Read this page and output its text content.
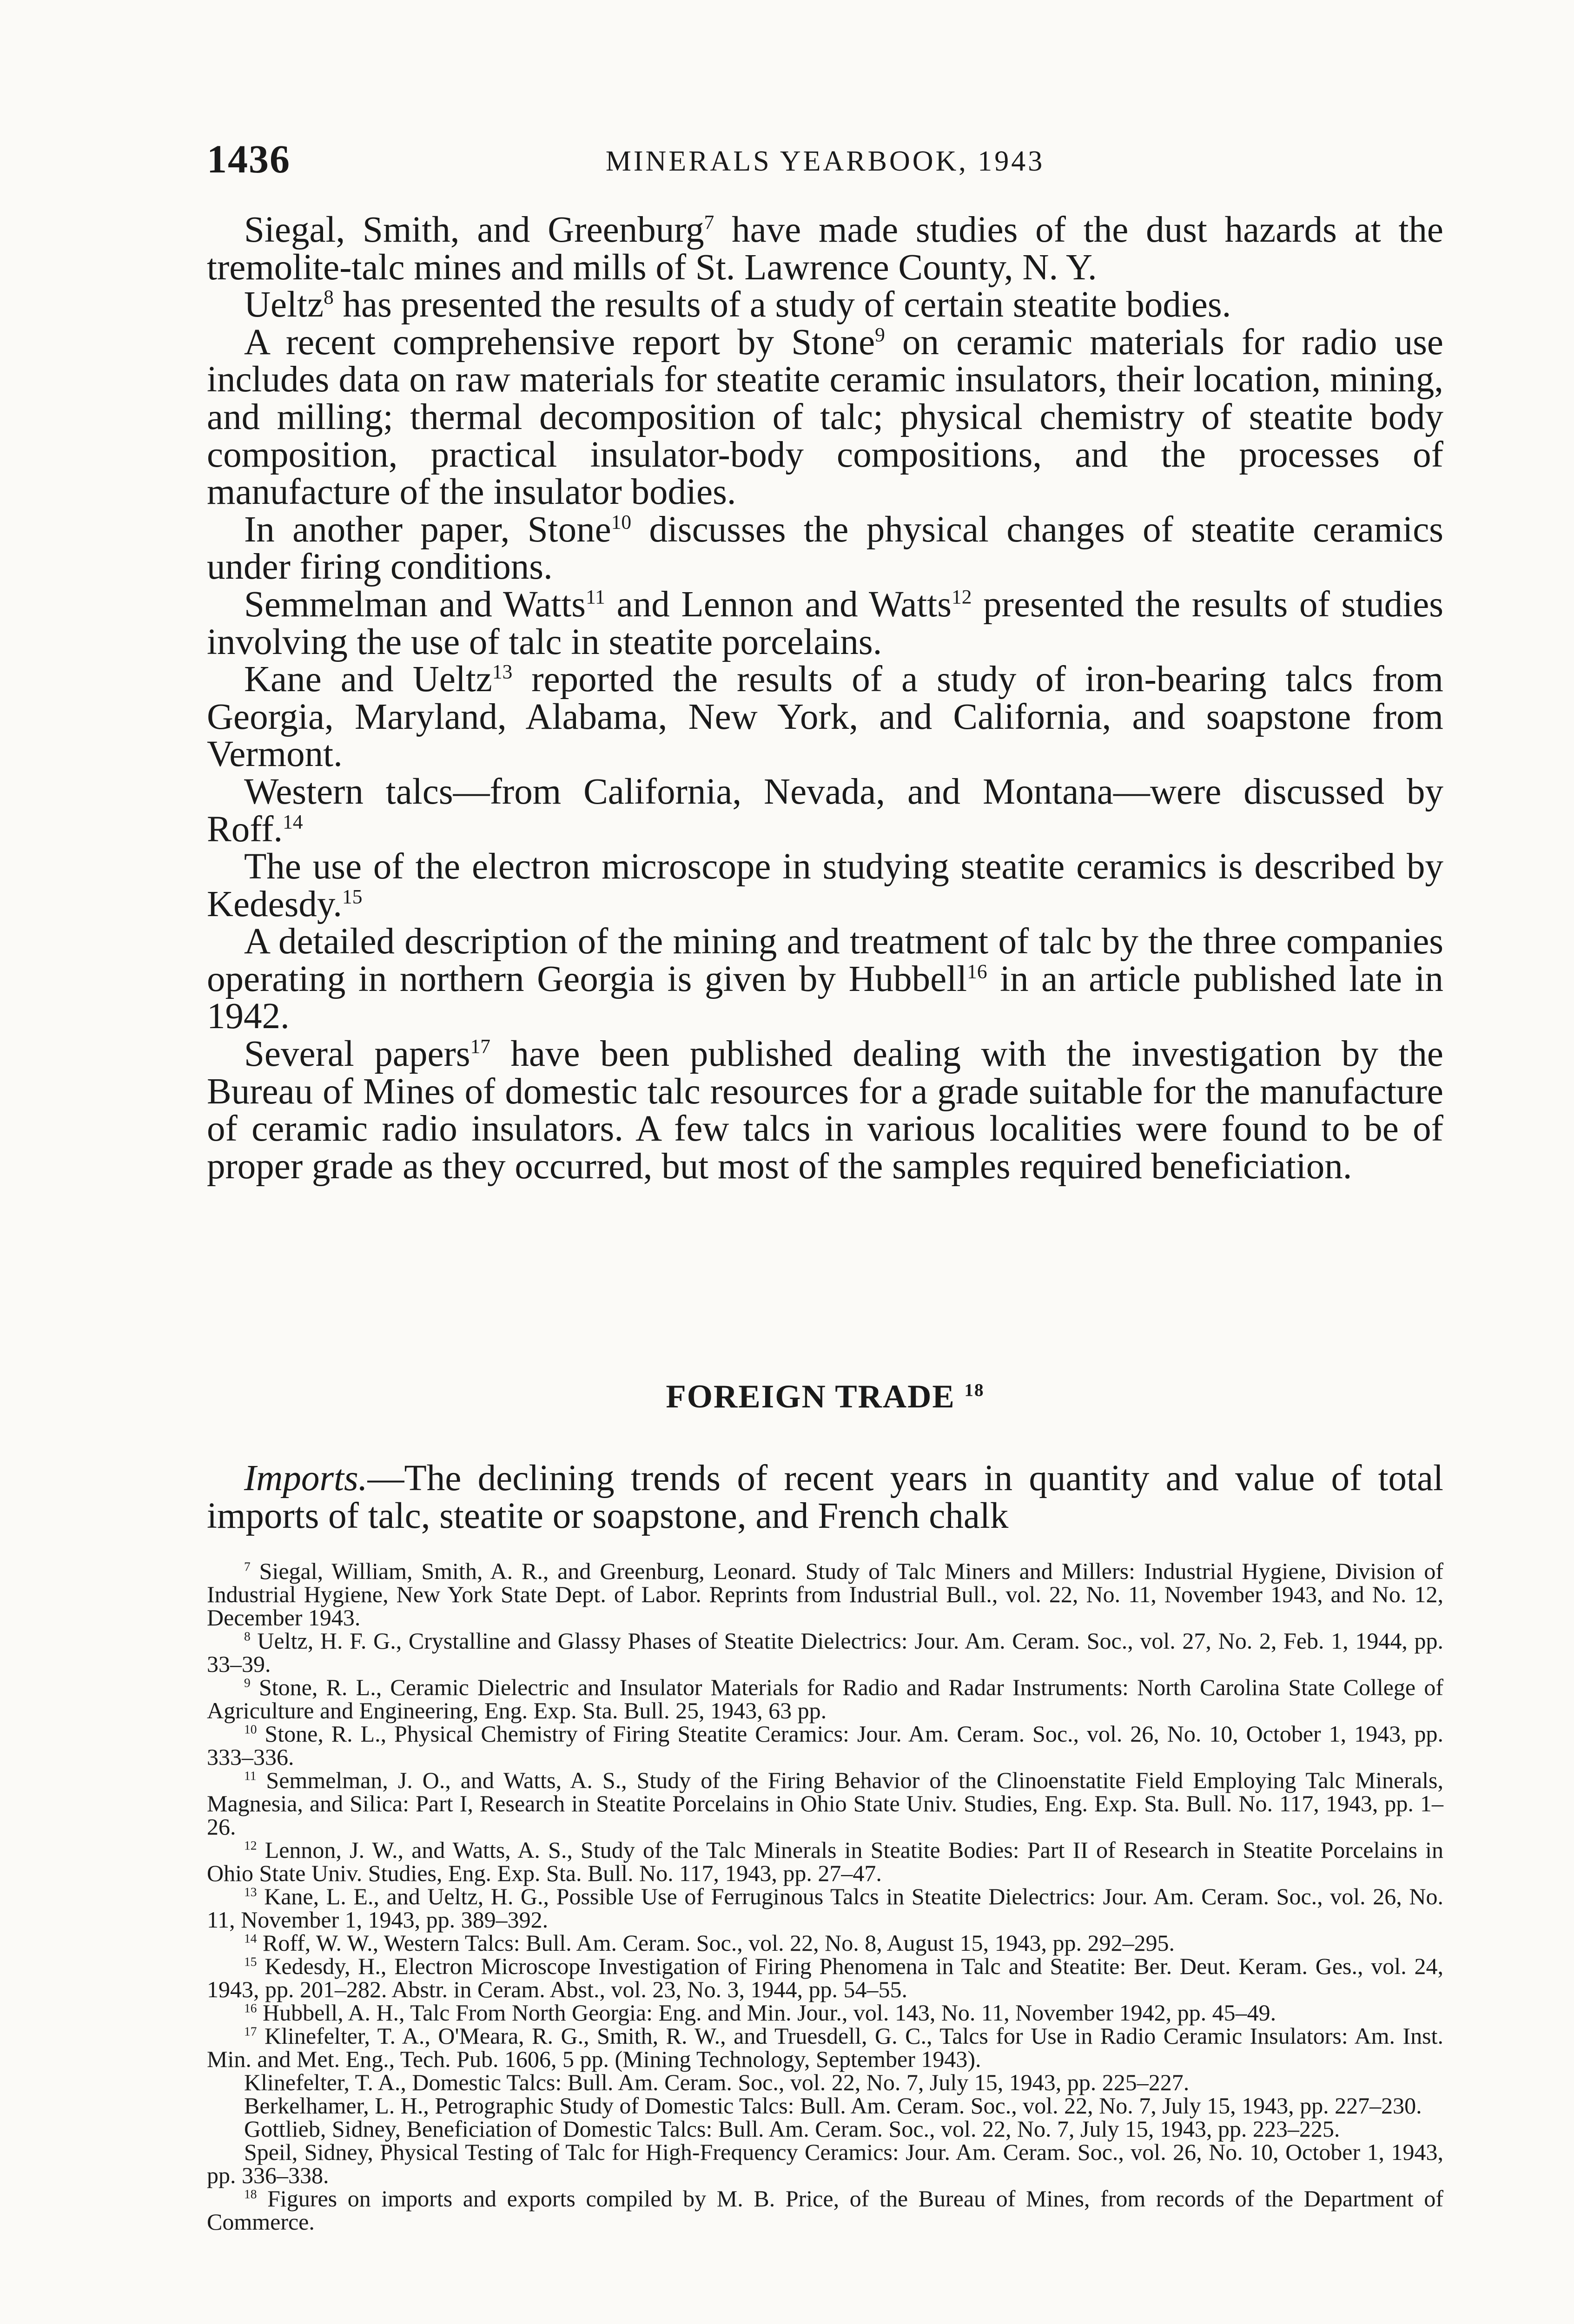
1436	MINERALS YEARBOOK, 1943

Siegal, Smith, and Greenburg$^7$ have made studies of the dust hazards at the tremolite-talc mines and mills of St. Lawrence County, N. Y.

Ueltz$^8$ has presented the results of a study of certain steatite bodies.

A recent comprehensive report by Stone$^9$ on ceramic materials for radio use includes data on raw materials for steatite ceramic insulators, their location, mining, and milling; thermal decomposition of talc; physical chemistry of steatite body composition, practical insulator-body compositions, and the processes of manufacture of the insulator bodies.

In another paper, Stone$^{10}$ discusses the physical changes of steatite ceramics under firing conditions.

Semmelman and Watts$^{11}$ and Lennon and Watts$^{12}$ presented the results of studies involving the use of talc in steatite porcelains.

Kane and Ueltz$^{13}$ reported the results of a study of iron-bearing talcs from Georgia, Maryland, Alabama, New York, and California, and soapstone from Vermont.

Western talcs—from California, Nevada, and Montana—were discussed by Roff.$^{14}$

The use of the electron microscope in studying steatite ceramics is described by Kedesdy.$^{15}$

A detailed description of the mining and treatment of talc by the three companies operating in northern Georgia is given by Hubbell$^{16}$ in an article published late in 1942.

Several papers$^{17}$ have been published dealing with the investigation by the Bureau of Mines of domestic talc resources for a grade suitable for the manufacture of ceramic radio insulators. A few talcs in various localities were found to be of proper grade as they occurred, but most of the samples required beneficiation.

FOREIGN TRADE $^{18}$

Imports.—The declining trends of recent years in quantity and value of total imports of talc, steatite or soapstone, and French chalk

$^7$ Siegal, William, Smith, A. R., and Greenburg, Leonard. Study of Talc Miners and Millers: Industrial Hygiene, Division of Industrial Hygiene, New York State Dept. of Labor. Reprints from Industrial Bull., vol. 22, No. 11, November 1943, and No. 12, December 1943.

$^8$ Ueltz, H. F. G., Crystalline and Glassy Phases of Steatite Dielectrics: Jour. Am. Ceram. Soc., vol. 27, No. 2, Feb. 1, 1944, pp. 33–39.

$^9$ Stone, R. L., Ceramic Dielectric and Insulator Materials for Radio and Radar Instruments: North Carolina State College of Agriculture and Engineering, Eng. Exp. Sta. Bull. 25, 1943, 63 pp.

$^{10}$ Stone, R. L., Physical Chemistry of Firing Steatite Ceramics: Jour. Am. Ceram. Soc., vol. 26, No. 10, October 1, 1943, pp. 333–336.

$^{11}$ Semmelman, J. O., and Watts, A. S., Study of the Firing Behavior of the Clinoenstatite Field Employing Talc Minerals, Magnesia, and Silica: Part I, Research in Steatite Porcelains in Ohio State Univ. Studies, Eng. Exp. Sta. Bull. No. 117, 1943, pp. 1–26.

$^{12}$ Lennon, J. W., and Watts, A. S., Study of the Talc Minerals in Steatite Bodies: Part II of Research in Steatite Porcelains in Ohio State Univ. Studies, Eng. Exp. Sta. Bull. No. 117, 1943, pp. 27–47.

$^{13}$ Kane, L. E., and Ueltz, H. G., Possible Use of Ferruginous Talcs in Steatite Dielectrics: Jour. Am. Ceram. Soc., vol. 26, No. 11, November 1, 1943, pp. 389–392.

$^{14}$ Roff, W. W., Western Talcs: Bull. Am. Ceram. Soc., vol. 22, No. 8, August 15, 1943, pp. 292–295.

$^{15}$ Kedesdy, H., Electron Microscope Investigation of Firing Phenomena in Talc and Steatite: Ber. Deut. Keram. Ges., vol. 24, 1943, pp. 201–282. Abstr. in Ceram. Abst., vol. 23, No. 3, 1944, pp. 54–55.

$^{16}$ Hubbell, A. H., Talc From North Georgia: Eng. and Min. Jour., vol. 143, No. 11, November 1942, pp. 45–49.

$^{17}$ Klinefelter, T. A., O'Meara, R. G., Smith, R. W., and Truesdell, G. C., Talcs for Use in Radio Ceramic Insulators: Am. Inst. Min. and Met. Eng., Tech. Pub. 1606, 5 pp. (Mining Technology, September 1943).

Klinefelter, T. A., Domestic Talcs: Bull. Am. Ceram. Soc., vol. 22, No. 7, July 15, 1943, pp. 225–227.

Berkelhamer, L. H., Petrographic Study of Domestic Talcs: Bull. Am. Ceram. Soc., vol. 22, No. 7, July 15, 1943, pp. 227–230.

Gottlieb, Sidney, Beneficiation of Domestic Talcs: Bull. Am. Ceram. Soc., vol. 22, No. 7, July 15, 1943, pp. 223–225.

Speil, Sidney, Physical Testing of Talc for High-Frequency Ceramics: Jour. Am. Ceram. Soc., vol. 26, No. 10, October 1, 1943, pp. 336–338.

$^{18}$ Figures on imports and exports compiled by M. B. Price, of the Bureau of Mines, from records of the Department of Commerce.
